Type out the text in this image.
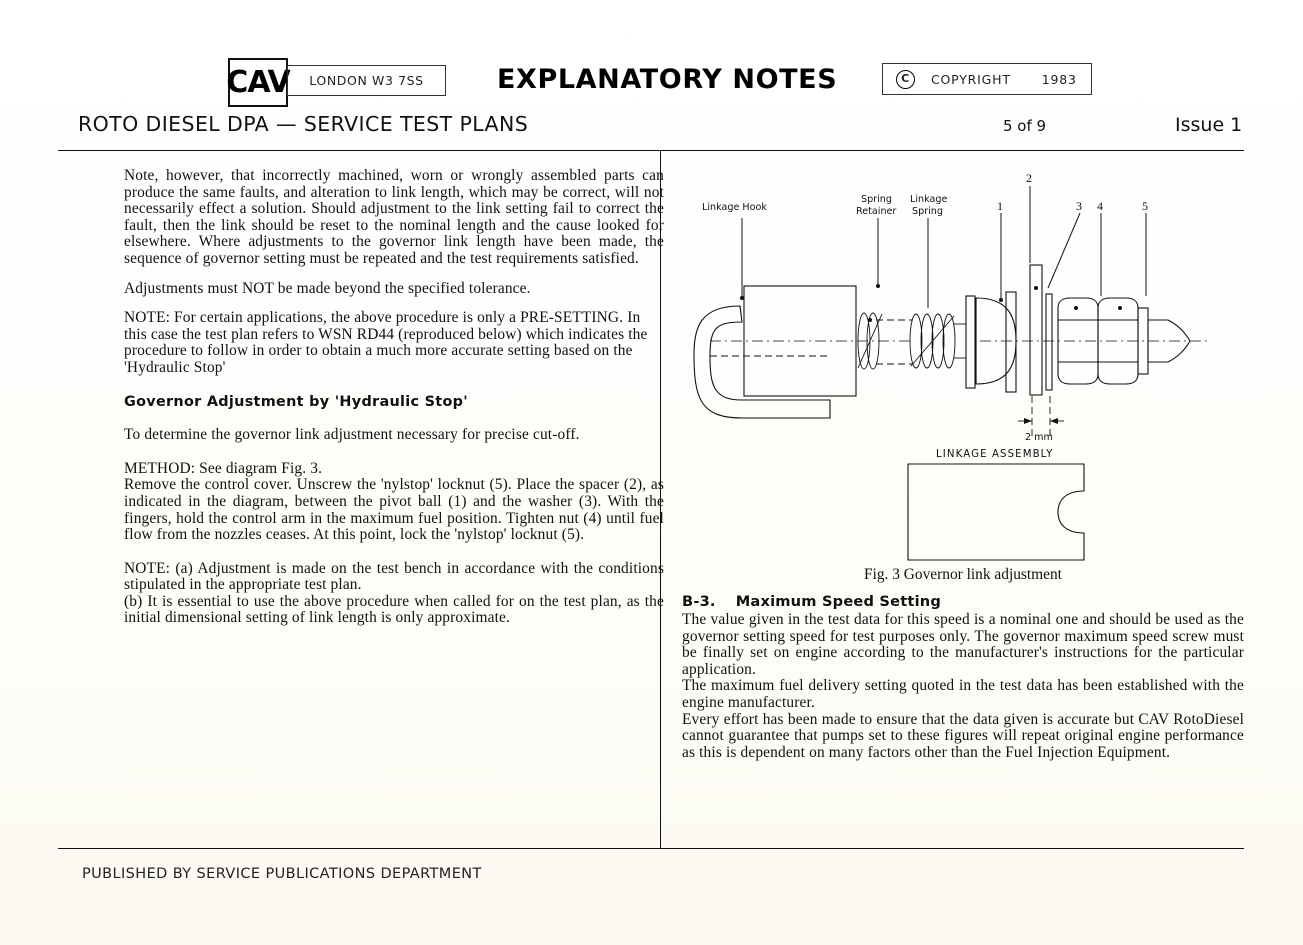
CAV	LONDON W3 7SS	EXPLANATORY NOTES	C	COPYRIGHT 1983
ROTO DIESEL DPA — SERVICE TEST PLANS	5 of 9	Issue 1

Note, however, that incorrectly machined, worn or wrongly assembled parts can produce the same faults, and alteration to link length, which may be correct, will not necessarily effect a solution. Should adjustment to the link setting fail to correct the fault, then the link should be reset to the nominal length and the cause looked for elsewhere. Where adjustments to the governor link length have been made, the sequence of governor setting must be repeated and the test requirements satisfied.

Adjustments must NOT be made beyond the specified tolerance.

NOTE: For certain applications, the above procedure is only a PRE-SETTING. In this case the test plan refers to WSN RD44 (reproduced below) which indicates the procedure to follow in order to obtain a much more accurate setting based on the 'Hydraulic Stop'

Governor Adjustment by 'Hydraulic Stop'

To determine the governor link adjustment necessary for precise cut-off.

METHOD: See diagram Fig. 3.

Remove the control cover. Unscrew the 'nylstop' locknut (5). Place the spacer (2), as indicated in the diagram, between the pivot ball (1) and the washer (3). With the fingers, hold the control arm in the maximum fuel position. Tighten nut (4) until fuel flow from the nozzles ceases. At this point, lock the 'nylstop' locknut (5).

NOTE: (a) Adjustment is made on the test bench in accordance with the conditions stipulated in the appropriate test plan.

(b) It is essential to use the above procedure when called for on the test plan, as the initial dimensional setting of link length is only approximate.

Linkage Hook
Spring
Retainer
Linkage
Spring	1
2
3 4	5
2 mm
LINKAGE ASSEMBLY
Fig. 3 Governor link adjustment
B-3. Maximum Speed Setting

The value given in the test data for this speed is a nominal one and should be used as the governor setting speed for test purposes only. The governor maximum speed screw must be finally set on engine according to the manufacturer's instructions for the particular application.

The maximum fuel delivery setting quoted in the test data has been established with the engine manufacturer.

Every effort has been made to ensure that the data given is accurate but CAV RotoDiesel cannot guarantee that pumps set to these figures will repeat original engine performance as this is dependent on many factors other than the Fuel Injection Equipment.

PUBLISHED BY SERVICE PUBLICATIONS DEPARTMENT
